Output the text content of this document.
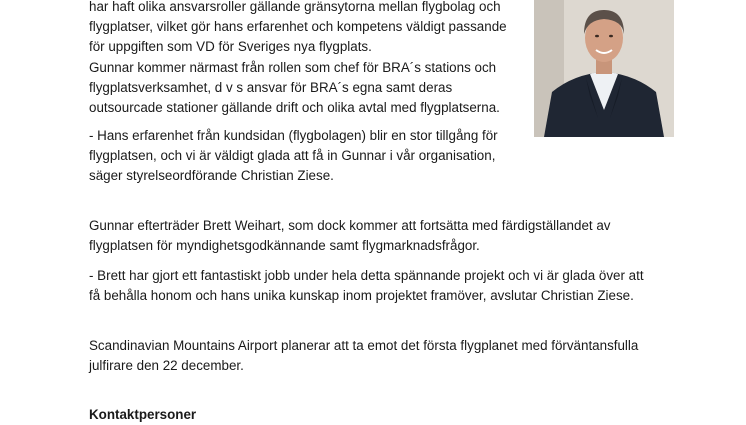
har haft olika ansvarsroller gällande gränsytorna mellan flygbolag och
flygplatser, vilket gör hans erfarenhet och kompetens väldigt passande
för uppgiften som VD för Sveriges nya flygplats.

Gunnar kommer närmast från rollen som chef för BRA´s stations och
flygplatsverksamhet, d v s ansvar för BRA´s egna samt deras
outsourcade stationer gällande drift och olika avtal med flygplatserna.

- Hans erfarenhet från kundsidan (flygbolagen) blir en stor tillgång för
flygplatsen, och vi är väldigt glada att få in Gunnar i vår organisation,
säger styrelseordförande Christian Ziese.

Gunnar efterträder Brett Weihart, som dock kommer att fortsätta med färdigställandet av
flygplatsen för myndighetsgodkännande samt flygmarknadsfrågor.

- Brett har gjort ett fantastiskt jobb under hela detta spännande projekt och vi är glada över att
få behålla honom och hans unika kunskap inom projektet framöver, avslutar Christian Ziese.

Scandinavian Mountains Airport planerar att ta emot det första flygplanet med förväntansfulla
julfirare den 22 december.

Kontaktpersoner
